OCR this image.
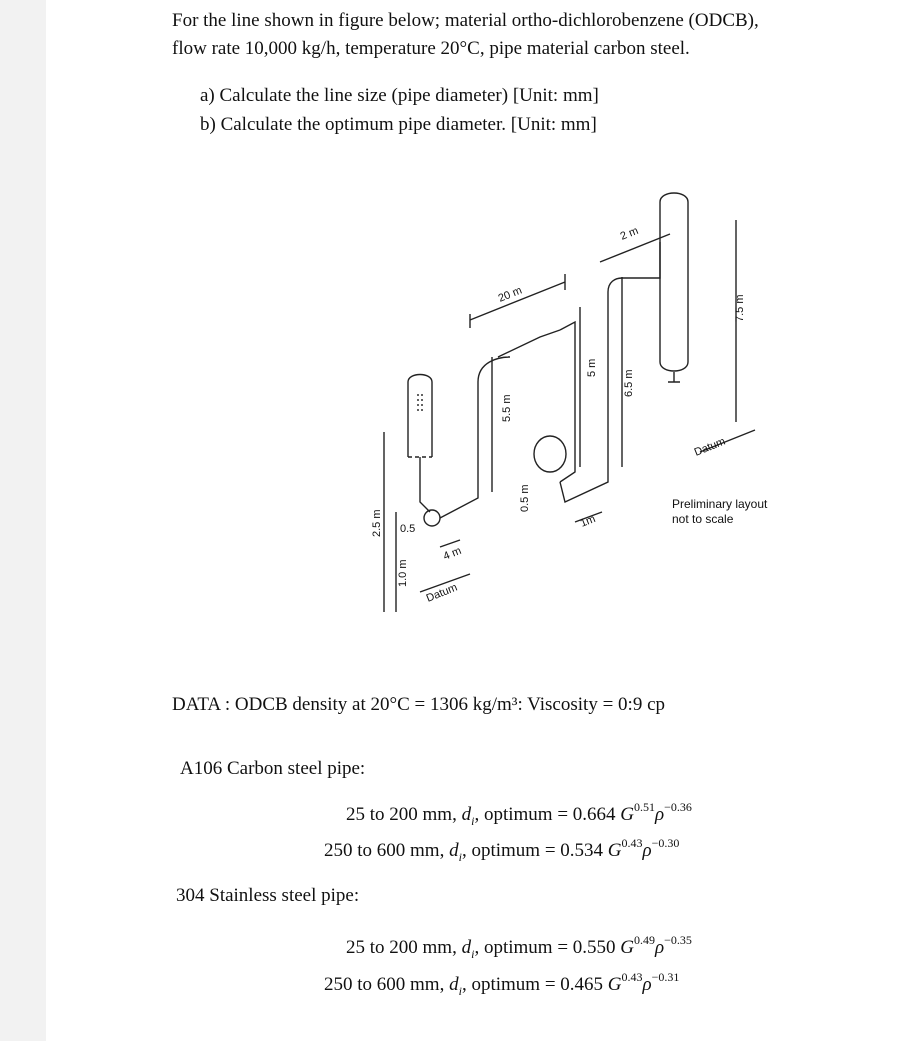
For the line shown in figure below; material ortho-dichlorobenzene (ODCB),
flow rate 10,000 kg/h, temperature 20°C, pipe material carbon steel.
a) Calculate the line size (pipe diameter) [Unit: mm]
b) Calculate the optimum pipe diameter. [Unit: mm]
20 m
2 m
7.5 m
5.5 m
5 m
6.5 m
0.5 m
2.5 m
1.0 m
0.5
4 m
1m
Datum
Datum
Preliminary layout
not to scale
DATA : ODCB density at 20°C = 1306 kg/m³: Viscosity = 0:9 cp
A106 Carbon steel pipe:
25 to 200 mm, $d_i$, optimum = 0.664 $G^{0.51}\rho^{-0.36}$
250 to 600 mm, $d_i$, optimum = 0.534 $G^{0.43}\rho^{-0.30}$
304 Stainless steel pipe:
25 to 200 mm, $d_i$, optimum = 0.550 $G^{0.49}\rho^{-0.35}$
250 to 600 mm, $d_i$, optimum = 0.465 $G^{0.43}\rho^{-0.31}$
